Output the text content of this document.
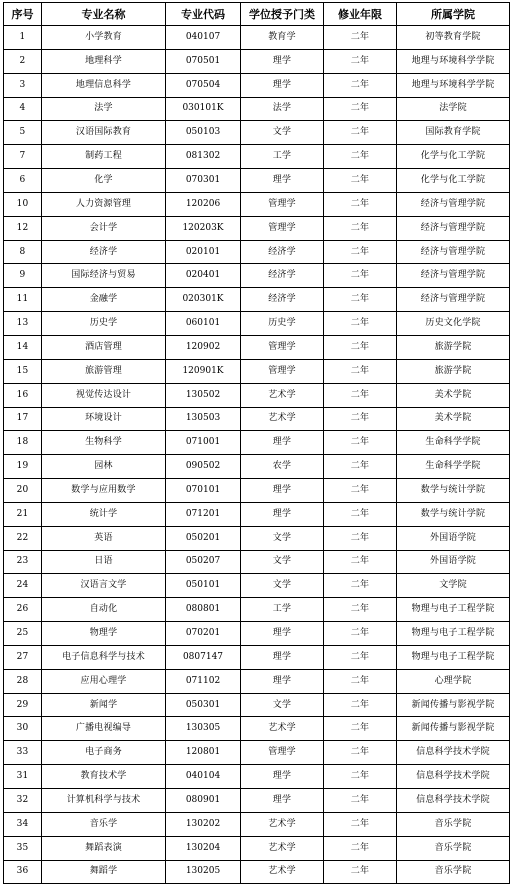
序号	专业名称	专业代码	学位授予门类	修业年限	所属学院
1	小学教育	040107	教育学	二年	初等教育学院
2	地理科学	070501	理学	二年	地理与环境科学学院
3	地理信息科学	070504	理学	二年	地理与环境科学学院
4	法学	030101K	法学	二年	法学院
5	汉语国际教育	050103	文学	二年	国际教育学院
7	制药工程	081302	工学	二年	化学与化工学院
6	化学	070301	理学	二年	化学与化工学院
10	人力资源管理	120206	管理学	二年	经济与管理学院
12	会计学	120203K	管理学	二年	经济与管理学院
8	经济学	020101	经济学	二年	经济与管理学院
9	国际经济与贸易	020401	经济学	二年	经济与管理学院
11	金融学	020301K	经济学	二年	经济与管理学院
13	历史学	060101	历史学	二年	历史文化学院
14	酒店管理	120902	管理学	二年	旅游学院
15	旅游管理	120901K	管理学	二年	旅游学院
16	视觉传达设计	130502	艺术学	二年	美术学院
17	环境设计	130503	艺术学	二年	美术学院
18	生物科学	071001	理学	二年	生命科学学院
19	园林	090502	农学	二年	生命科学学院
20	数学与应用数学	070101	理学	二年	数学与统计学院
21	统计学	071201	理学	二年	数学与统计学院
22	英语	050201	文学	二年	外国语学院
23	日语	050207	文学	二年	外国语学院
24	汉语言文学	050101	文学	二年	文学院
26	自动化	080801	工学	二年	物理与电子工程学院
25	物理学	070201	理学	二年	物理与电子工程学院
27	电子信息科学与技术	0807147	理学	二年	物理与电子工程学院
28	应用心理学	071102	理学	二年	心理学院
29	新闻学	050301	文学	二年	新闻传播与影视学院
30	广播电视编导	130305	艺术学	二年	新闻传播与影视学院
33	电子商务	120801	管理学	二年	信息科学技术学院
31	教育技术学	040104	理学	二年	信息科学技术学院
32	计算机科学与技术	080901	理学	二年	信息科学技术学院
34	音乐学	130202	艺术学	二年	音乐学院
35	舞蹈表演	130204	艺术学	二年	音乐学院
36	舞蹈学	130205	艺术学	二年	音乐学院
